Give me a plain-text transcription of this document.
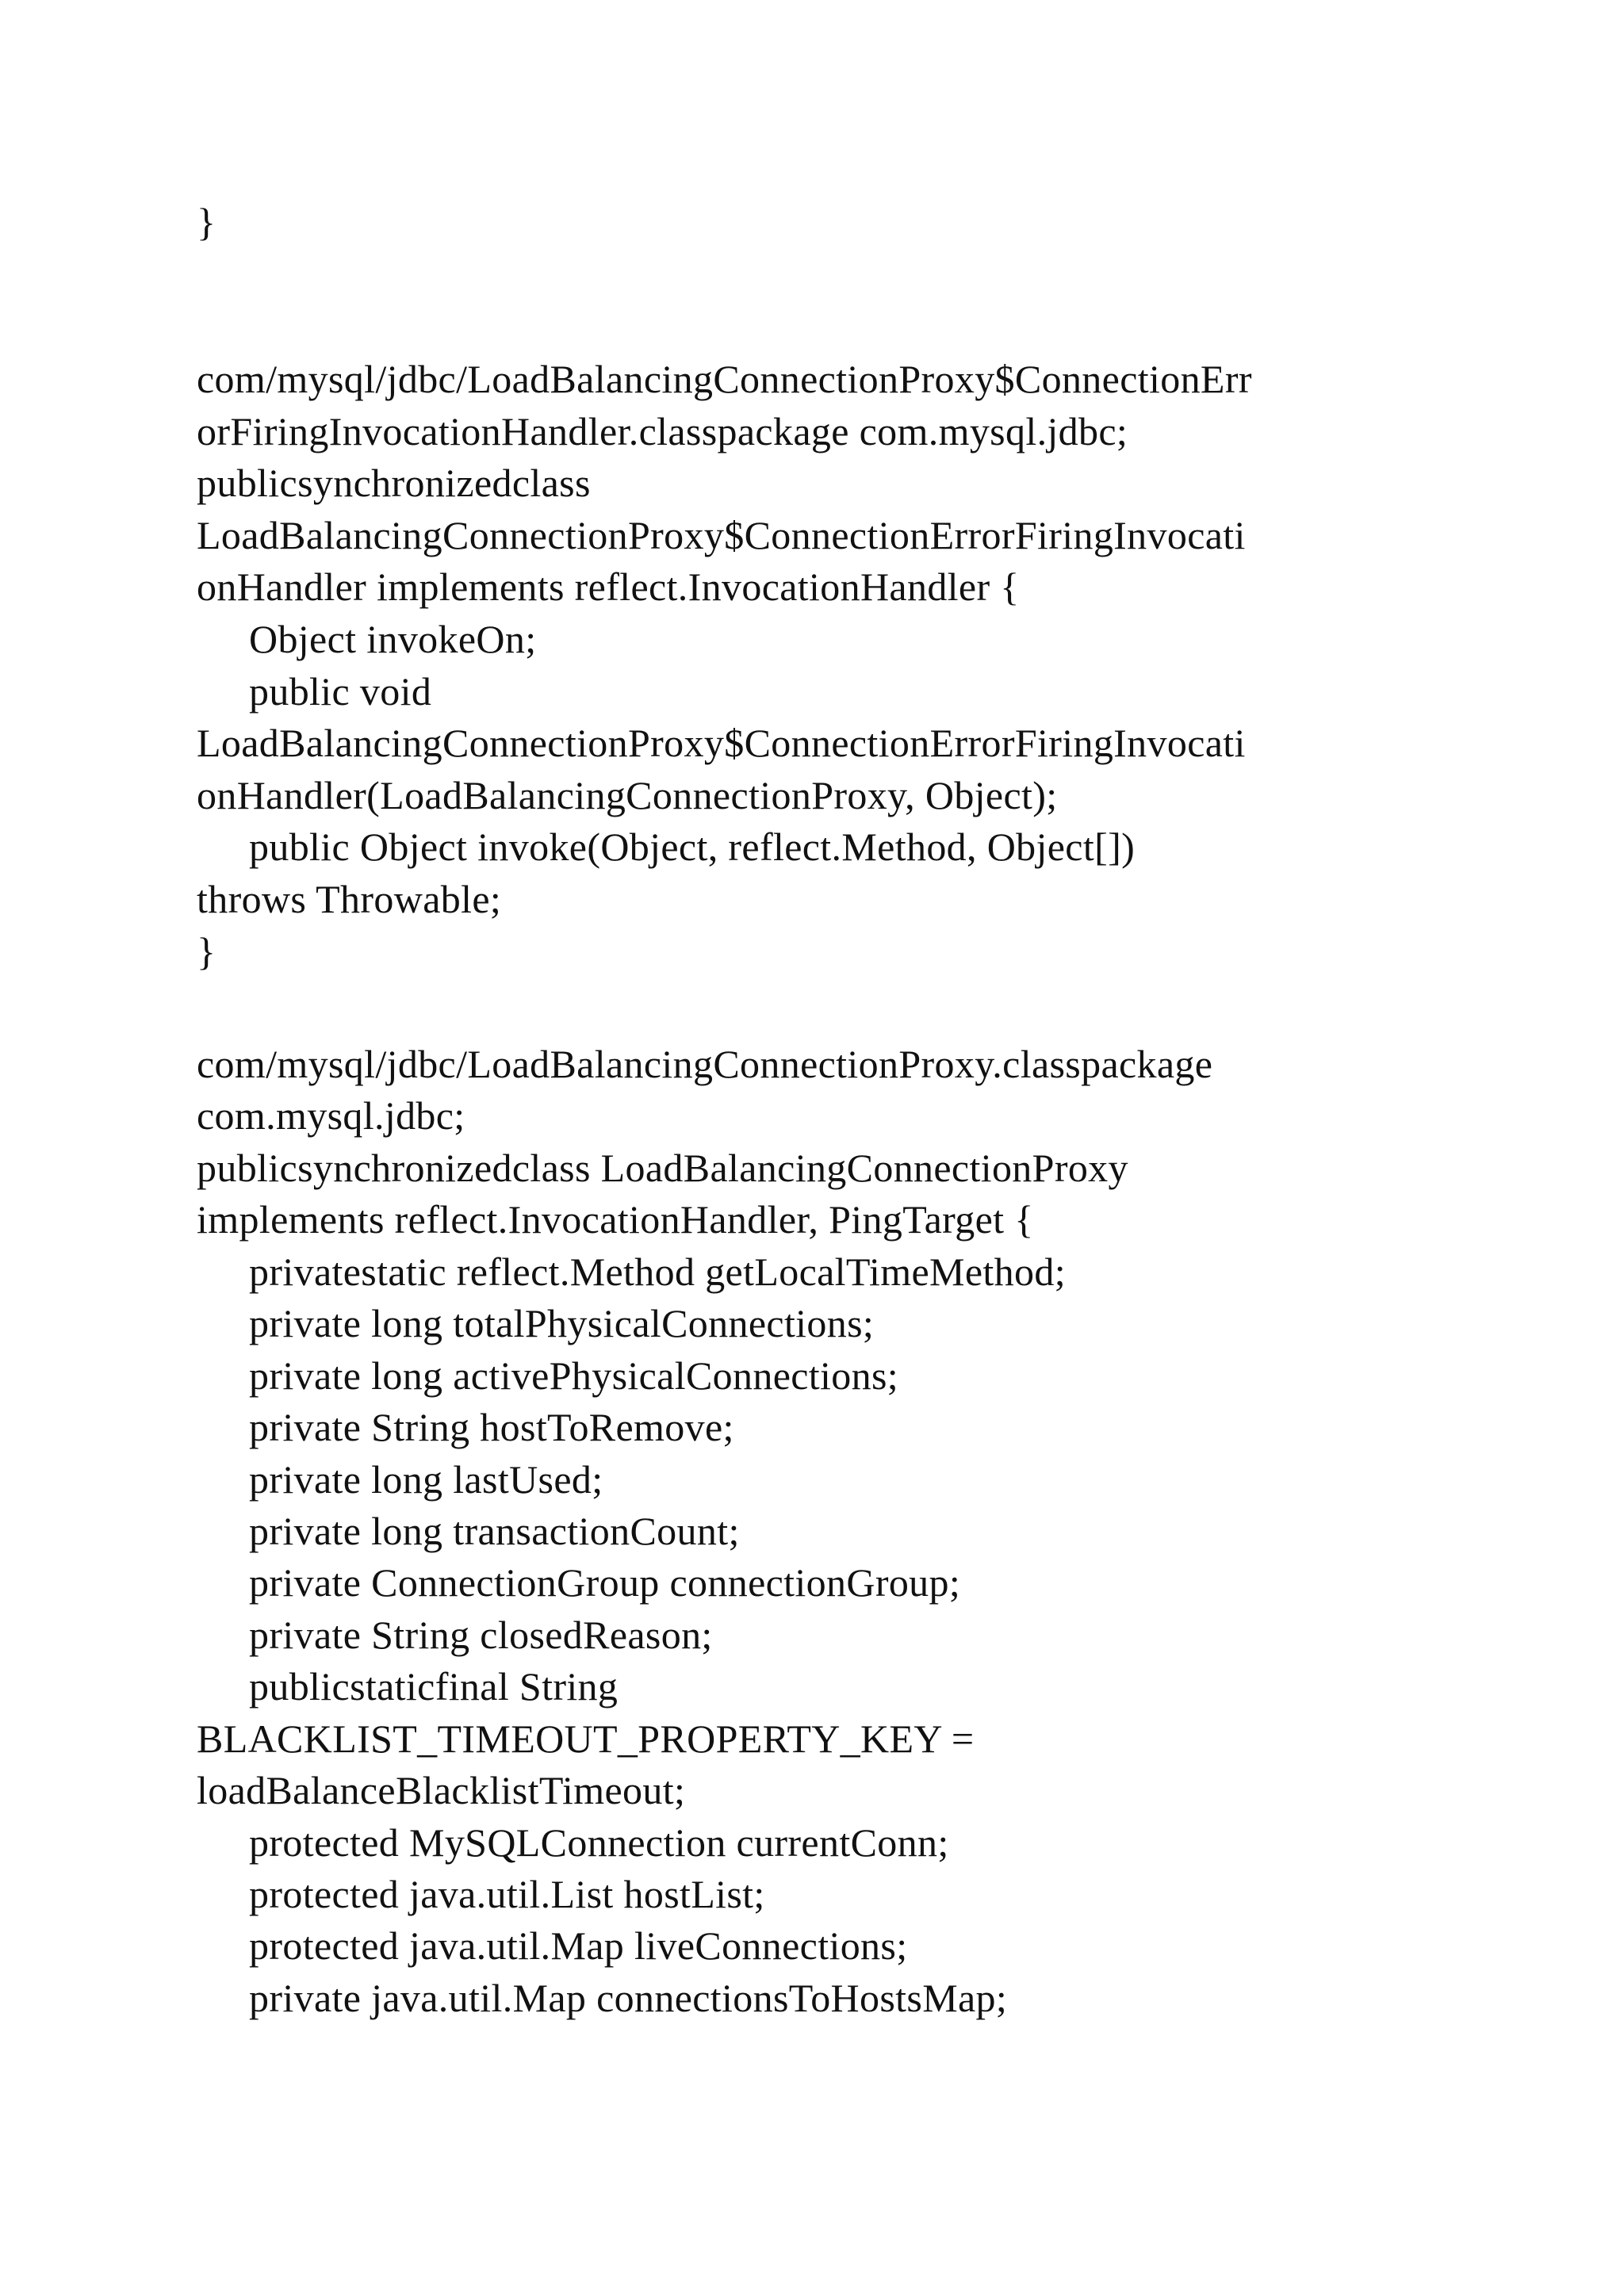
}
com/mysql/jdbc/LoadBalancingConnectionProxy$ConnectionErr
orFiringInvocationHandler.classpackage com.mysql.jdbc;
publicsynchronizedclass
LoadBalancingConnectionProxy$ConnectionErrorFiringInvocati
onHandler implements reflect.InvocationHandler {
Object invokeOn;
public void
LoadBalancingConnectionProxy$ConnectionErrorFiringInvocati
onHandler(LoadBalancingConnectionProxy, Object);
public Object invoke(Object, reflect.Method, Object[])
throws Throwable;
}
com/mysql/jdbc/LoadBalancingConnectionProxy.classpackage
com.mysql.jdbc;
publicsynchronizedclass LoadBalancingConnectionProxy
implements reflect.InvocationHandler, PingTarget {
privatestatic reflect.Method getLocalTimeMethod;
private long totalPhysicalConnections;
private long activePhysicalConnections;
private String hostToRemove;
private long lastUsed;
private long transactionCount;
private ConnectionGroup connectionGroup;
private String closedReason;
publicstaticfinal String
BLACKLIST_TIMEOUT_PROPERTY_KEY =
loadBalanceBlacklistTimeout;
protected MySQLConnection currentConn;
protected java.util.List hostList;
protected java.util.Map liveConnections;
private java.util.Map connectionsToHostsMap;
